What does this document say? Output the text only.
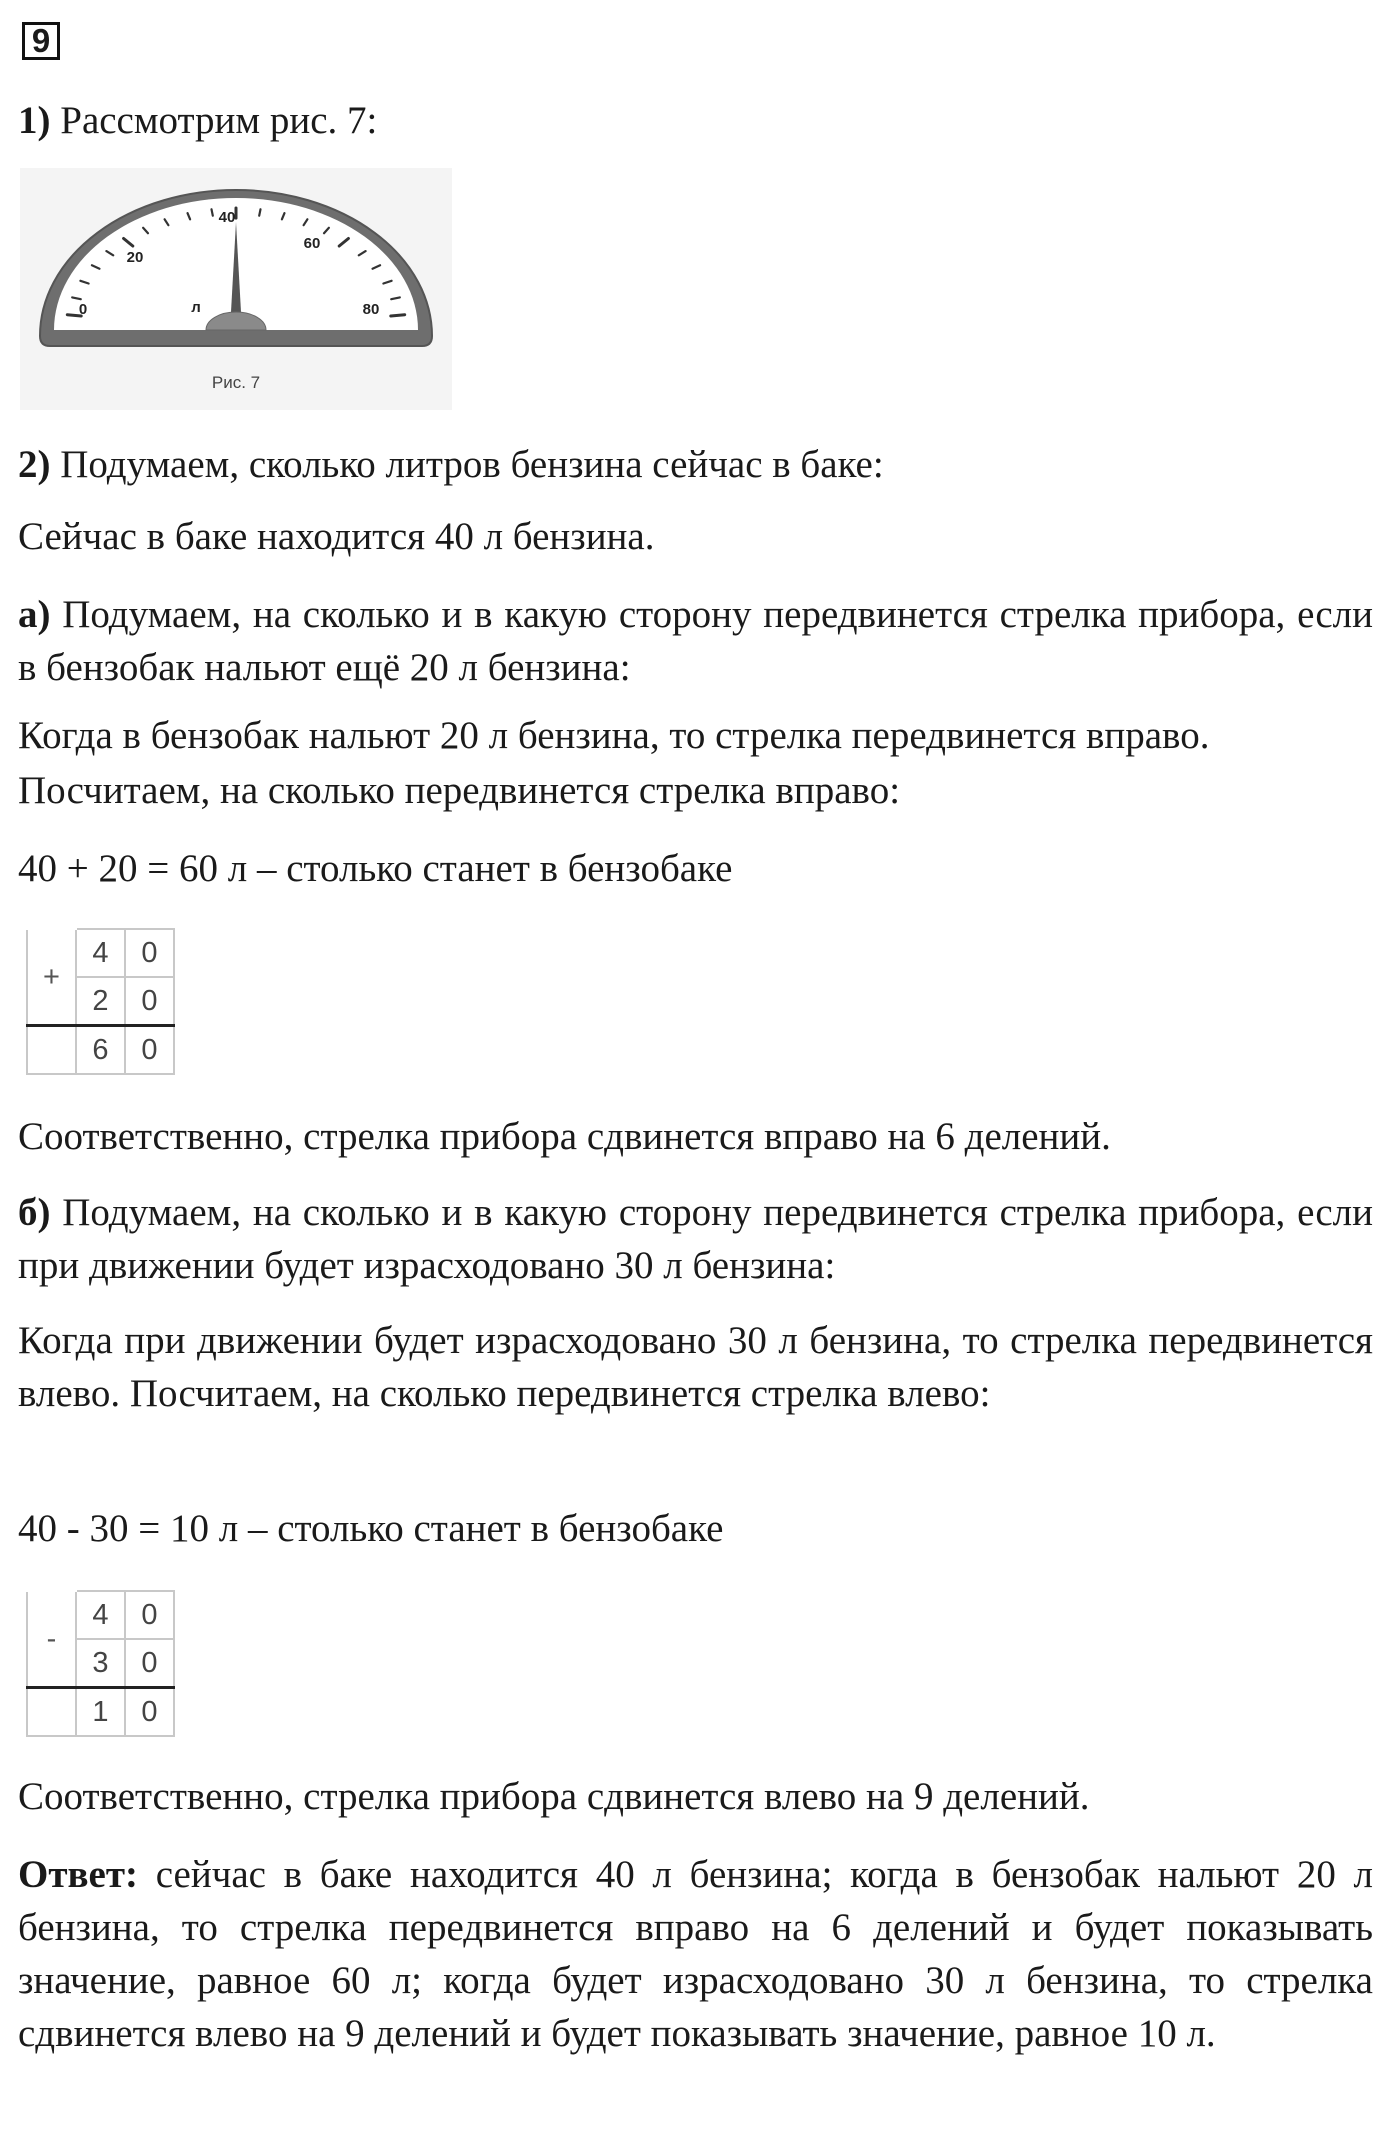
9

1) Рассмотрим рис. 7:

0
20
40
60
80
л
Рис. 7

2) Подумаем, сколько литров бензина сейчас в баке:

Сейчас в баке находится 40 л бензина.

а) Подумаем, на сколько и в какую сторону передвинется стрелка прибора, если в бензобак нальют ещё 20 л бензина:

Когда в бензобак нальют 20 л бензина, то стрелка передвинется вправо.

Посчитаем, на сколько передвинется стрелка вправо:

40 + 20 = 60 л – столько станет в бензобаке

+	4	0
	2	0
	6	0

Соответственно, стрелка прибора сдвинется вправо на 6 делений.

б) Подумаем, на сколько и в какую сторону передвинется стрелка прибора, если при движении будет израсходовано 30 л бензина:

Когда при движении будет израсходовано 30 л бензина, то стрелка передвинется влево. Посчитаем, на сколько передвинется стрелка влево:

40 - 30 = 10 л – столько станет в бензобаке

-	4	0
	3	0
	1	0

Соответственно, стрелка прибора сдвинется влево на 9 делений.

Ответ: сейчас в баке находится 40 л бензина; когда в бензобак нальют 20 л бензина, то стрелка передвинется вправо на 6 делений и будет показывать значение, равное 60 л; когда будет израсходовано 30 л бензина, то стрелка сдвинется влево на 9 делений и будет показывать значение, равное 10 л.
